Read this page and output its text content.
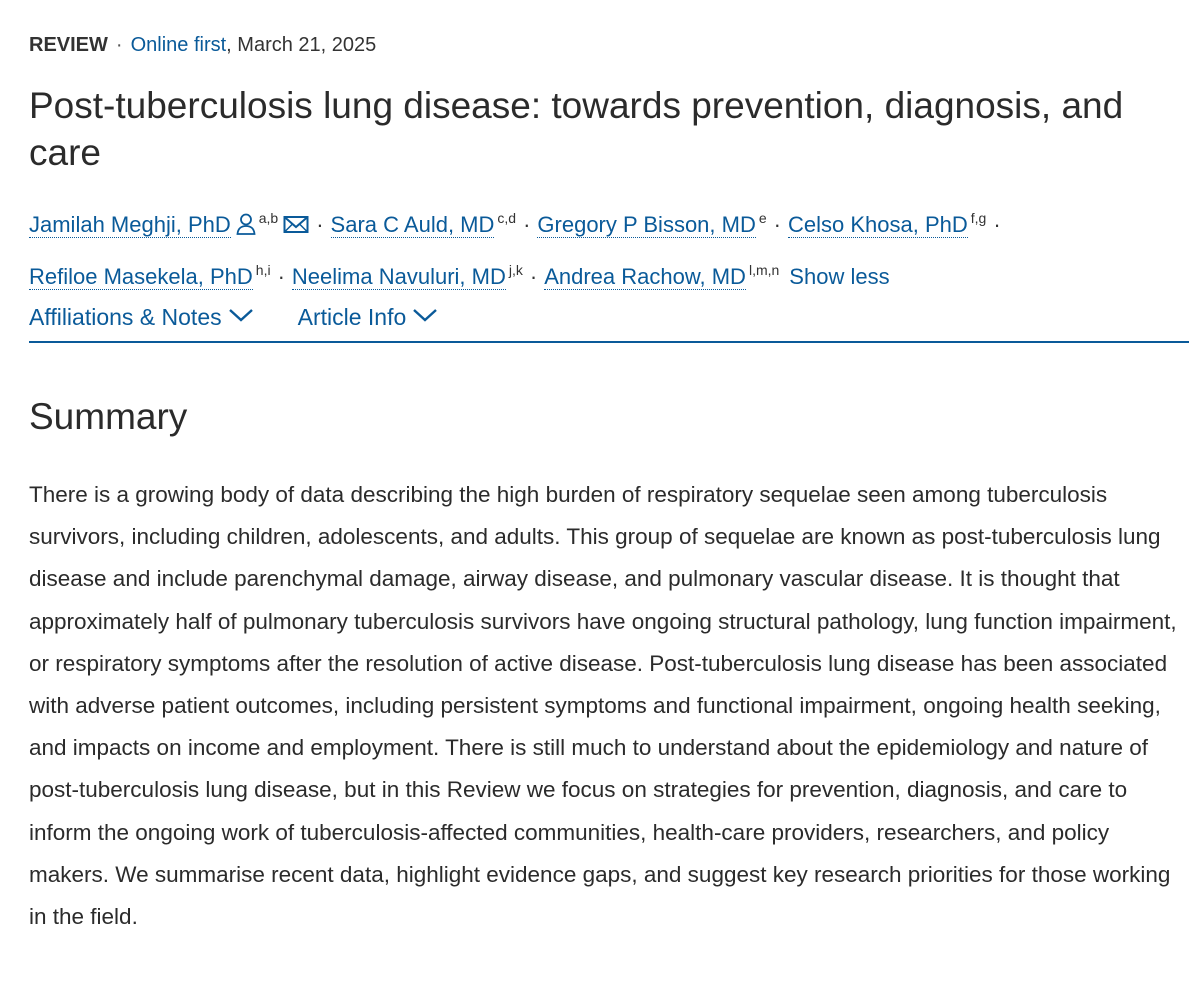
REVIEW · Online first, March 21, 2025
Post-tuberculosis lung disease: towards prevention, diagnosis, and care
Jamilah Meghji, PhD $^{a,b}$ · Sara C Auld, MD $^{c,d}$ · Gregory P Bisson, MD $^e$ · Celso Khosa, PhD $^{f,g}$ ·
Refiloe Masekela, PhD $^{h,i}$ · Neelima Navuluri, MD $^{j,k}$ · Andrea Rachow, MD $^{l,m,n}$ Show less
Affiliations & Notes	Article Info
Summary

There is a growing body of data describing the high burden of respiratory sequelae seen among tuberculosis survivors, including children, adolescents, and adults. This group of sequelae are known as post-tuberculosis lung disease and include parenchymal damage, airway disease, and pulmonary vascular disease. It is thought that approximately half of pulmonary tuberculosis survivors have ongoing structural pathology, lung function impairment, or respiratory symptoms after the resolution of active disease. Post-tuberculosis lung disease has been associated with adverse patient outcomes, including persistent symptoms and functional impairment, ongoing health seeking, and impacts on income and employment. There is still much to understand about the epidemiology and nature of post-tuberculosis lung disease, but in this Review we focus on strategies for prevention, diagnosis, and care to inform the ongoing work of tuberculosis-affected communities, health-care providers, researchers, and policy makers. We summarise recent data, highlight evidence gaps, and suggest key research priorities for those working in the field.
